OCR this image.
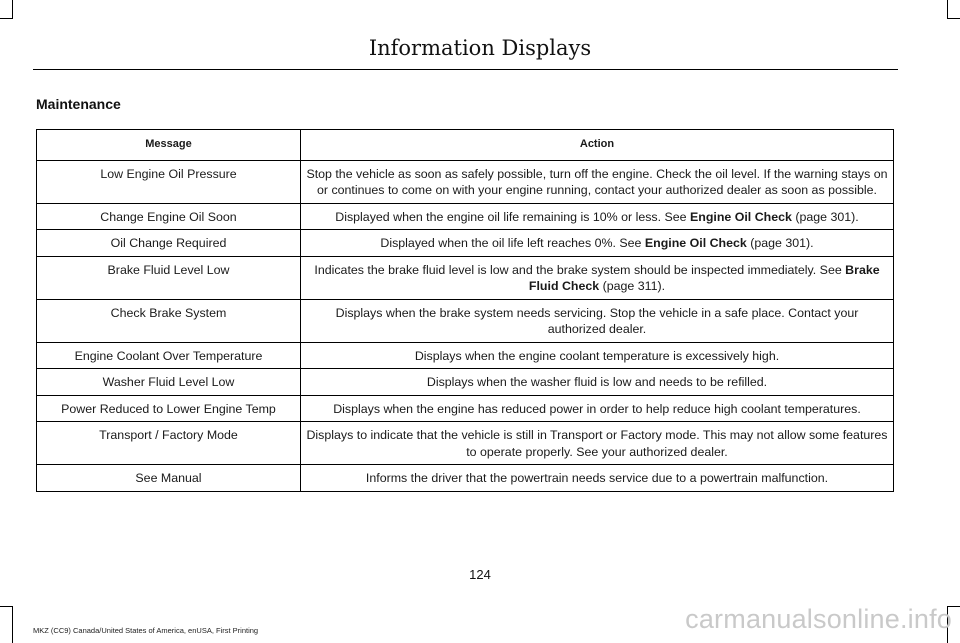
Information Displays
Maintenance
Message	Action
Low Engine Oil Pressure	Stop the vehicle as soon as safely possible, turn off the engine. Check the oil level. If the warning stays on or continues to come on with your engine running, contact your authorized dealer as soon as possible.
Change Engine Oil Soon	Displayed when the engine oil life remaining is 10% or less. See Engine Oil Check (page 301).
Oil Change Required	Displayed when the oil life left reaches 0%. See Engine Oil Check (page 301).
Brake Fluid Level Low	Indicates the brake fluid level is low and the brake system should be inspected immediately. See Brake Fluid Check (page 311).
Check Brake System	Displays when the brake system needs servicing. Stop the vehicle in a safe place. Contact your authorized dealer.
Engine Coolant Over Temperature	Displays when the engine coolant temperature is excessively high.
Washer Fluid Level Low	Displays when the washer fluid is low and needs to be refilled.
Power Reduced to Lower Engine Temp	Displays when the engine has reduced power in order to help reduce high coolant temperatures.
Transport / Factory Mode	Displays to indicate that the vehicle is still in Transport or Factory mode. This may not allow some features to operate properly. See your authorized dealer.
See Manual	Informs the driver that the powertrain needs service due to a powertrain malfunction.
124
MKZ (CC9) Canada/United States of America, enUSA, First Printing	carmanualsonline.info
